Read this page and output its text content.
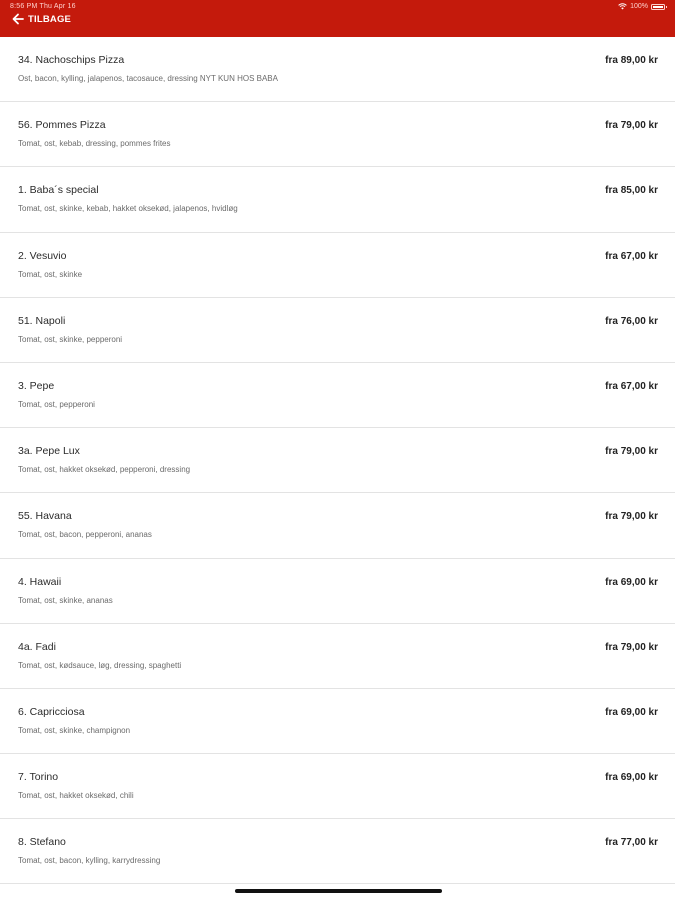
8:56 PM Thu Apr 16	100%
TILBAGE
34. Nachoschips Pizza
Ost, bacon, kylling, jalapenos, tacosauce, dressing NYT KUN HOS BABA
fra 89,00 kr
56. Pommes Pizza
Tomat, ost, kebab, dressing, pommes frites
fra 79,00 kr
1. Baba´s special
Tomat, ost, skinke, kebab, hakket oksekød, jalapenos, hvidløg
fra 85,00 kr
2. Vesuvio
Tomat, ost, skinke
fra 67,00 kr
51. Napoli
Tomat, ost, skinke, pepperoni
fra 76,00 kr
3. Pepe
Tomat, ost, pepperoni
fra 67,00 kr
3a. Pepe Lux
Tomat, ost, hakket oksekød, pepperoni, dressing
fra 79,00 kr
55. Havana
Tomat, ost, bacon, pepperoni, ananas
fra 79,00 kr
4. Hawaii
Tomat, ost, skinke, ananas
fra 69,00 kr
4a. Fadi
Tomat, ost, kødsauce, løg, dressing, spaghetti
fra 79,00 kr
6. Capricciosa
Tomat, ost, skinke, champignon
fra 69,00 kr
7. Torino
Tomat, ost, hakket oksekød, chili
fra 69,00 kr
8. Stefano
Tomat, ost, bacon, kylling, karrydressing
fra 77,00 kr
